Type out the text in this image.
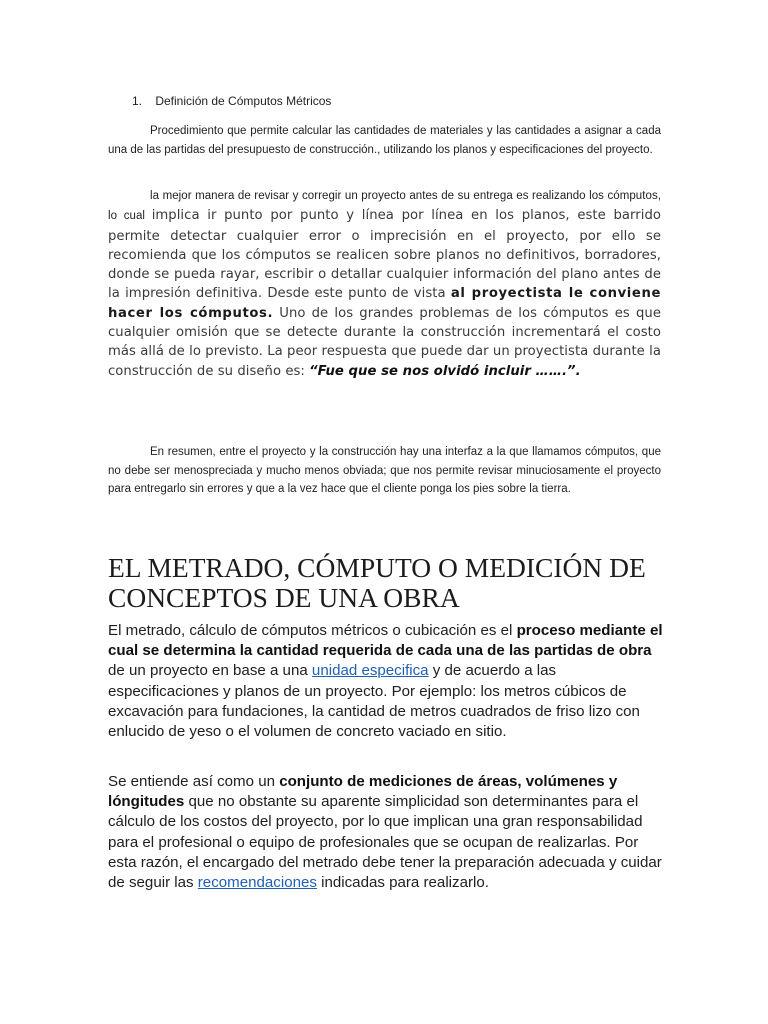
1. Definición de Cómputos Métricos

Procedimiento que permite calcular las cantidades de materiales y las cantidades a asignar a cada una de las partidas del presupuesto de construcción., utilizando los planos y especificaciones del proyecto.

la mejor manera de revisar y corregir un proyecto antes de su entrega es realizando los cómputos, lo cual implica ir punto por punto y línea por línea en los planos, este barrido permite detectar cualquier error o imprecisión en el proyecto, por ello se recomienda que los cómputos se realicen sobre planos no definitivos, borradores, donde se pueda rayar, escribir o detallar cualquier información del plano antes de la impresión definitiva. Desde este punto de vista al proyectista le conviene hacer los cómputos. Uno de los grandes problemas de los cómputos es que cualquier omisión que se detecte durante la construcción incrementará el costo más allá de lo previsto. La peor respuesta que puede dar un proyectista durante la construcción de su diseño es: “Fue que se nos olvidó incluir …….”.

En resumen, entre el proyecto y la construcción hay una interfaz a la que llamamos cómputos, que no debe ser menospreciada y mucho menos obviada; que nos permite revisar minuciosamente el proyecto para entregarlo sin errores y que a la vez hace que el cliente ponga los pies sobre la tierra.

EL METRADO, CÓMPUTO O MEDICIÓN DE CONCEPTOS DE UNA OBRA

El metrado, cálculo de cómputos métricos o cubicación es el proceso mediante el cual se determina la cantidad requerida de cada una de las partidas de obra de un proyecto en base a una unidad especifica y de acuerdo a las especificaciones y planos de un proyecto. Por ejemplo: los metros cúbicos de excavación para fundaciones, la cantidad de metros cuadrados de friso lizo con enlucido de yeso o el volumen de concreto vaciado en sitio.

Se entiende así como un conjunto de mediciones de áreas, volúmenes y lóngitudes que no obstante su aparente simplicidad son determinantes para el cálculo de los costos del proyecto, por lo que implican una gran responsabilidad para el profesional o equipo de profesionales que se ocupan de realizarlas. Por esta razón, el encargado del metrado debe tener la preparación adecuada y cuidar de seguir las recomendaciones indicadas para realizarlo.
